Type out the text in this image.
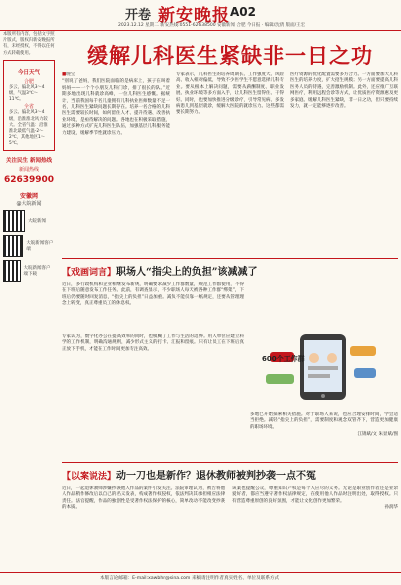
开卷 新安晚报 A02
2023.12.12 星期二 新安热线:0551-62638500 安徽新闻 合肥 今日报 · 编辑/沈倩 版面/王宏
本版所有内容，包括文字照片版式，版权归新安晚报所有，未经授权，不得以任何方式转载使用。
今日天气
合肥
多云，偏北风3～4级，气温3℃～11℃。
全省
多云。偏北风3～4级，沿淮淮北风力较大。全省气温：沿淮淮北最低气温-2～2℃，其他地区1～5℃。
关注民生 新闻热线
新闻热线
62639900
安徽网
@大皖新闻
大皖新闻
大皖新闻客户端
大皖新闻客户端下载
缓解儿科医生紧缺非一日之功
■晚宝
“别说了爸妈，我们医院面临的是病床上，孩子在叫着妈妈——一个个小朋友儿科门诊，排了很长的队。”近期多地出现儿科就诊高峰，一位儿科医生感慨。据统计，当前我国每千名儿童拥有儿科执业医师数量不足一名，儿科医生紧缺问题长期存在。培养一名合格的儿科医生需要较长时间，如何留住人才、提升待遇、改善执业环境，是亟待解决的问题。各地也在积极采取措施，通过多种方式扩充儿科医生队伍，加强基层儿科服务能力建设，缓解季节性就诊压力。
专家表示，儿科医生的培养周期长、工作强度大、风险高、收入相对偏低，导致不少医学生不愿意选择儿科专业。要从根本上解决问题，需要从薪酬制度、职业发展、执业环境等多方面入手，让儿科医生留得住、干得好。同时，也要加快推进分级诊疗，引导常见病、多发病患儿到基层就诊，缓解大医院的就诊压力。这些都需要长期努力。
医疗资源的优化配置需要多方合力。一方面要加大儿科医生的培养力度，扩大招生规模；另一方面要提高儿科医务人员的待遇，完善激励机制。此外，还应推广互联网医疗，利用远程会诊等方式，让优质医疗资源惠及更多家庭。缓解儿科医生紧缺，非一日之功，但只要持续发力，就一定能够逐步改善。
【戏画词言】职场人“指尖上的负担”该减减了
近日，多行政机构和企业相继发布新规，明确要求减少工作群数量，规范工作群使用，不得在下班后随意发布工作任务。此前，有调查显示，不少职场人每天被各种工作群“绑架”，下班后仍要随时回复消息，“指尖上的负担”日益加重。减负不能仅靠一纸规定，还要从管理理念上转变，真正尊重员工的休息权。
专家认为，数字化办公在提高效率的同时，也模糊了工作与生活的边界。用人单位应建立科学的工作机制，明确沟通规则，减少形式主义的打卡、汇报和留痕。只有让员工在下班后真正放下手机，才能在工作时间更加专注高效。
600个工作群
多地已开始探索相关措施。对于职场人来说，也应合理安排时间，学会适当拒绝。减轻“指尖上的负担”，需要制度和观念双管齐下，营造更加健康的职场环境。
江锦斌/文 朱显斌/图
【以案说法】动一刀也是新作？退休教师被判抄袭一点不冤
近日，一起退休教师涉嫌抄袭他人作品的案件引发关注。法院审理认为，被告将他人作品稍作修改后以自己的名义发表，构成著作权侵权，依法判决其承担相应法律责任。法官提醒，作品的独创性是受著作权法保护的核心，简单改动不能改变抄袭的本质。
该案也提醒公众，尊重知识产权是每个人应尽的义务。无论是职业创作者还是业余爱好者，都应当遵守著作权法律规定，在使用他人作品时注明出处，取得授权。只有营造尊重原创的良好氛围，才能让文化创作更加繁荣。
孙润华
本版言论邮箱：E-mail:xawbhr@sina.com 来稿请注明作者真实姓名、单位及联系方式
